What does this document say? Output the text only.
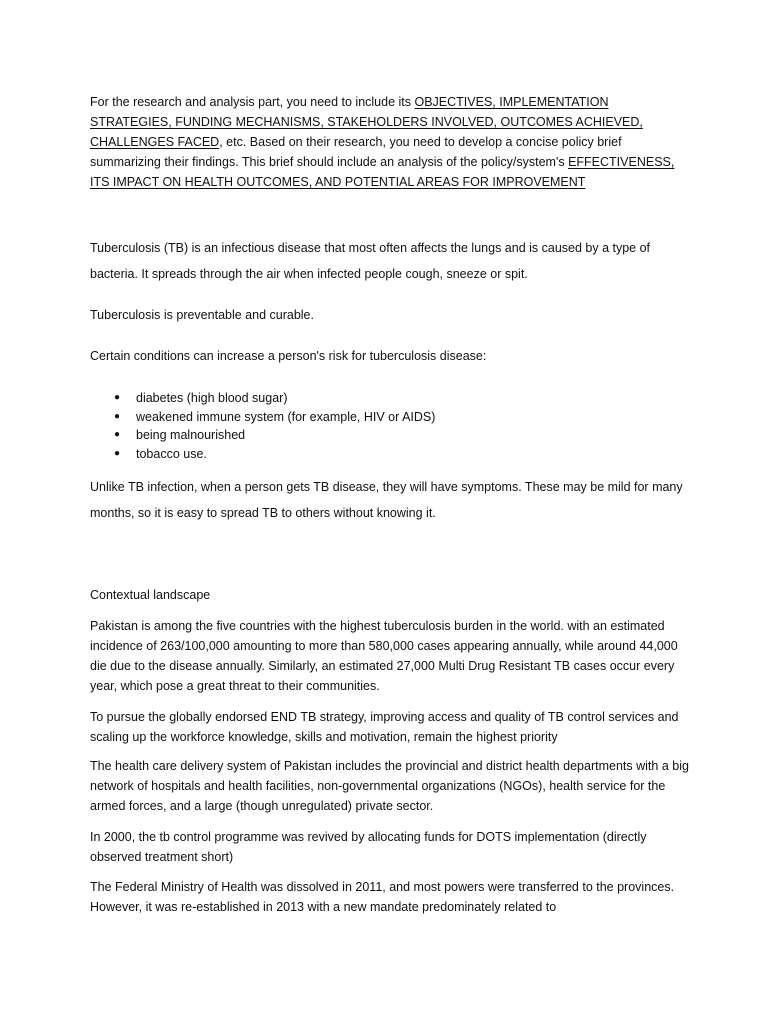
For the research and analysis part, you need to include its OBJECTIVES, IMPLEMENTATION STRATEGIES, FUNDING MECHANISMS, STAKEHOLDERS INVOLVED, OUTCOMES ACHIEVED, CHALLENGES FACED, etc. Based on their research, you need to develop a concise policy brief summarizing their findings. This brief should include an analysis of the policy/system's EFFECTIVENESS, ITS IMPACT ON HEALTH OUTCOMES, AND POTENTIAL AREAS FOR IMPROVEMENT

Tuberculosis (TB) is an infectious disease that most often affects the lungs and is caused by a type of bacteria. It spreads through the air when infected people cough, sneeze or spit.

Tuberculosis is preventable and curable.

Certain conditions can increase a person's risk for tuberculosis disease:

● diabetes (high blood sugar)
● weakened immune system (for example, HIV or AIDS)
● being malnourished
● tobacco use.

Unlike TB infection, when a person gets TB disease, they will have symptoms. These may be mild for many months, so it is easy to spread TB to others without knowing it.

Contextual landscape

Pakistan is among the five countries with the highest tuberculosis burden in the world. with an estimated incidence of 263/100,000 amounting to more than 580,000 cases appearing annually, while around 44,000 die due to the disease annually. Similarly, an estimated 27,000 Multi Drug Resistant TB cases occur every year, which pose a great threat to their communities.

To pursue the globally endorsed END TB strategy, improving access and quality of TB control services and scaling up the workforce knowledge, skills and motivation, remain the highest priority

The health care delivery system of Pakistan includes the provincial and district health departments with a big network of hospitals and health facilities, non-governmental organizations (NGOs), health service for the armed forces, and a large (though unregulated) private sector.

In 2000, the tb control programme was revived by allocating funds for DOTS implementation (directly observed treatment short)

The Federal Ministry of Health was dissolved in 2011, and most powers were transferred to the provinces. However, it was re-established in 2013 with a new mandate predominately related to
